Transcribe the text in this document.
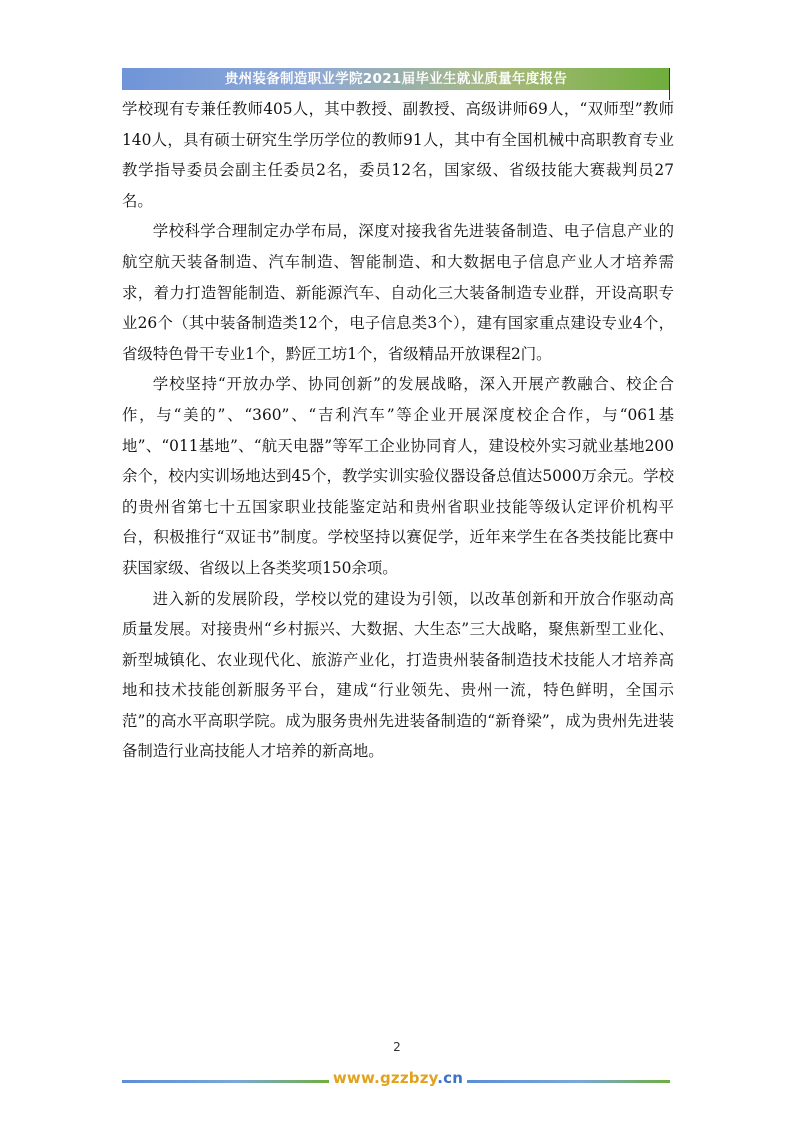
贵州装备制造职业学院2021届毕业生就业质量年度报告

学校现有专兼任教师405人，其中教授、副教授、高级讲师69人，“双师型”教师140人，具有硕士研究生学历学位的教师91人，其中有全国机械中高职教育专业教学指导委员会副主任委员2名，委员12名，国家级、省级技能大赛裁判员27名。

学校科学合理制定办学布局，深度对接我省先进装备制造、电子信息产业的航空航天装备制造、汽车制造、智能制造、和大数据电子信息产业人才培养需求，着力打造智能制造、新能源汽车、自动化三大装备制造专业群，开设高职专业26个（其中装备制造类12个，电子信息类3个），建有国家重点建设专业4个，省级特色骨干专业1个，黔匠工坊1个，省级精品开放课程2门。

学校坚持“开放办学、协同创新”的发展战略，深入开展产教融合、校企合作，与“美的”、“360”、“吉利汽车”等企业开展深度校企合作，与“061基地”、“011基地”、“航天电器”等军工企业协同育人，建设校外实习就业基地200余个，校内实训场地达到45个，教学实训实验仪器设备总值达5000万余元。学校的贵州省第七十五国家职业技能鉴定站和贵州省职业技能等级认定评价机构平台，积极推行“双证书”制度。学校坚持以赛促学，近年来学生在各类技能比赛中获国家级、省级以上各类奖项150余项。

进入新的发展阶段，学校以党的建设为引领，以改革创新和开放合作驱动高质量发展。对接贵州“乡村振兴、大数据、大生态”三大战略，聚焦新型工业化、新型城镇化、农业现代化、旅游产业化，打造贵州装备制造技术技能人才培养高地和技术技能创新服务平台，建成“行业领先、贵州一流，特色鲜明，全国示范”的高水平高职学院。成为服务贵州先进装备制造的“新脊梁”，成为贵州先进装备制造行业高技能人才培养的新高地。

2
www.gzzbzy.cn
